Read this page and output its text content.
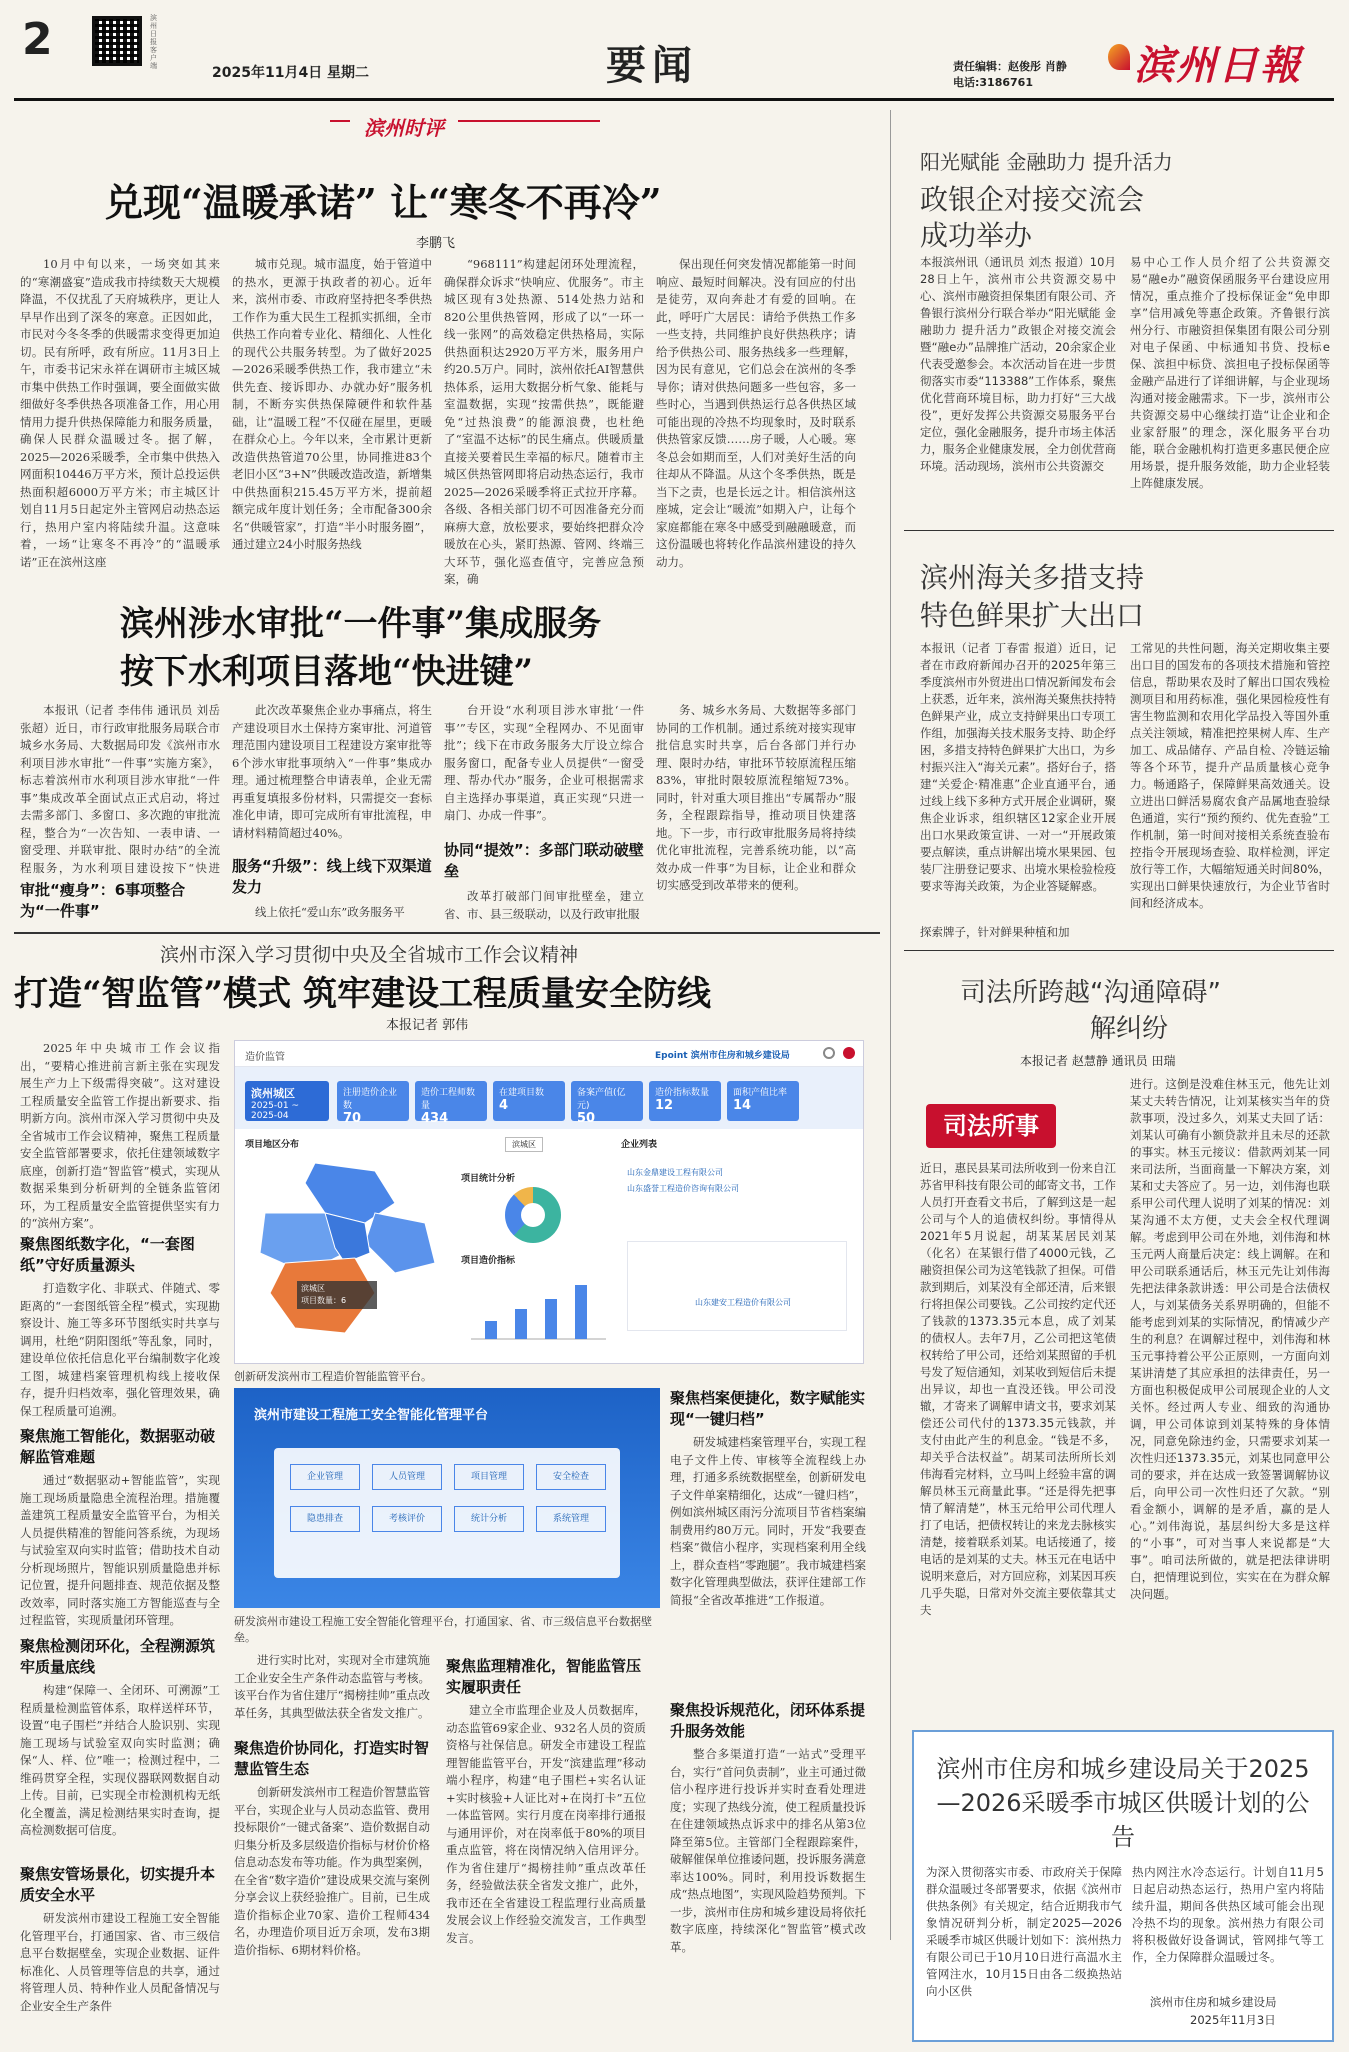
2	滨州日报客户端	2025年11月4日 星期二	要闻	责任编辑：赵俊彤 肖静
电话:3186761	滨州日報
滨州时评
兑现“温暖承诺” 让“寒冬不再冷”
李鹏飞
10月中旬以来，一场突如其来的“寒潮盛宴”造成我市持续数天大规模降温，不仅扰乱了天府城秩序，更让人早早作出到了深冬的寒意。正因如此，市民对今冬冬季的供暖需求变得更加迫切。民有所呼，政有所应。11月3日上午，市委书记宋永祥在调研市主城区城市集中供热工作时强调，要全面做实做细做好冬季供热各项准备工作，用心用情用力提升供热保障能力和服务质量，确保人民群众温暖过冬。据了解，2025—2026采暖季，全市集中供热入网面积10446万平方米，预计总投运供热面积超6000万平方米；市主城区计划自11月5日起定外主管网启动热态运行，热用户室内将陆续升温。这意味着，一场“让寒冬不再冷”的“温暖承诺”正在滨州这座
城市兑现。城市温度，始于管道中的热水，更源于执政者的初心。近年来，滨州市委、市政府坚持把冬季供热工作作为重大民生工程抓实抓细，全市供热工作向着专业化、精细化、人性化的现代公共服务转型。为了做好2025—2026采暖季供热工作，我市建立“未供先查、接诉即办、办就办好”服务机制，不断夯实供热保障硬件和软件基础，让“温暖工程”不仅碰在屋里，更暖在群众心上。今年以来，全市累计更新改造供热管道70公里，协同推进83个老旧小区“3+N”供暖改造改造，新增集中供热面积215.45万平方米，提前超额完成年度计划任务；全市配备300余名“供暖管家”，打造“半小时服务圈”，通过建立24小时服务热线
“968111”构建起闭环处理流程，确保群众诉求“快响应、优服务”。市主城区现有3处热源、514处热力站和820公里供热管网，形成了以“一环一线一张网”的高效稳定供热格局，实际供热面积达2920万平方米，服务用户约20.5万户。同时，滨州依托AI智慧供热体系，运用大数据分析气象、能耗与室温数据，实现“按需供热”，既能避免“过热浪费”的能源浪费，也杜绝了“室温不达标”的民生痛点。供暖质量直接关要着民生幸福的标尺。随着市主城区供热管网即将启动热态运行，我市2025—2026采暖季将正式拉开序幕。各级、各相关部门切不可因准备充分而麻痹大意，放松要求，要始终把群众冷暖放在心头，紧盯热源、管网、终端三大环节，强化巡查值守，完善应急预案，确
保出现任何突发情况都能第一时间响应、最短时间解决。没有回应的付出是徒劳，双向奔赴才有爱的回响。在此，呼吁广大居民：请给予供热工作多一些支持，共同维护良好供热秩序；请给予供热公司、服务热线多一些理解，因为民有意见，它们总会在滨州的冬季导你；请对供热问题多一些包容，多一些时心，当遇到供热运行总各供热区域可能出现的冷热不均现象时，及时联系供热管家反馈……房子暖，人心暖。寒冬总会如期而至，人们对美好生活的向往却从不降温。从这个冬季供热，既是当下之责，也是长远之计。相信滨州这座城，定会让“暖流”如期入户，让每个家庭都能在寒冬中感受到融融暖意，而这份温暖也将转化作品滨州建设的持久动力。
滨州涉水审批“一件事”集成服务
按下水利项目落地“快进键”
本报讯（记者 李伟伟 通讯员 刘岳 张超）近日，市行政审批服务局联合市城乡水务局、大数据局印发《滨州市水利项目涉水审批“一件事”实施方案》，标志着滨州市水利项目涉水审批“一件事”集成改革全面试点正式启动，将过去需多部门、多窗口、多次跑的审批流程，整合为“一次告知、一表申请、一窗受理、并联审批、限时办结”的全流程服务，为水利项目建设按下“快进
审批“瘦身”：6事项整合为“一件事”
此次改革聚焦企业办事痛点，将生产建设项目水土保持方案审批、河道管理范围内建设项目工程建设方案审批等6个涉水审批事项纳入“一件事”集成办理。通过梳理整合申请表单，企业无需再重复填报多份材料，只需提交一套标准化申请，即可完成所有审批流程，申请材料精简超过40%。
服务“升级”：线上线下双渠道发力
线上依托“爱山东”政务服务平
台开设“水利项目涉水审批‘一件事’”专区，实现“全程网办、不见面审批”；线下在市政务服务大厅设立综合服务窗口，配备专业人员提供“一窗受理、帮办代办”服务，企业可根据需求自主选择办事渠道，真正实现“只进一扇门、办成一件事”。
协同“提效”：多部门联动破壁垒
改革打破部门间审批壁垒，建立省、市、县三级联动，以及行政审批服
务、城乡水务局、大数据等多部门协同的工作机制。通过系统对接实现审批信息实时共享，后台各部门并行办理、限时办结，审批环节较原流程压缩83%，审批时限较原流程缩短73%。同时，针对重大项目推出“专属帮办”服务，全程跟踪指导，推动项目快建落地。下一步，市行政审批服务局将持续优化审批流程，完善系统功能，以“高效办成一件事”为目标，让企业和群众切实感受到改革带来的便利。
滨州市深入学习贯彻中央及全省城市工作会议精神
打造“智监管”模式 筑牢建设工程质量安全防线
本报记者 郭伟
2025年中央城市工作会议指出，“要精心推进前言新主张在实现发展生产力上下级需得突破”。这对建设工程质量安全监管工作提出新要求、指明新方向。滨州市深入学习贯彻中央及全省城市工作会议精神，聚焦工程质量安全监管部署要求，依托住建领域数字底座，创新打造“智监管”模式，实现从数据采集到分析研判的全链条监管闭环，为工程质量安全监管提供坚实有力的“滨州方案”。
聚焦图纸数字化，“一套图纸”守好质量源头
打造数字化、非联式、伴随式、零距离的“一套图纸管全程”模式，实现勘察设计、施工等多环节图纸实时共享与调用，杜绝“阴阳图纸”等乱象，同时，建设单位依托信息化平台编制数字化竣工图，城建档案管理机构线上接收保存，提升归档效率，强化管理效果，确保工程质量可追溯。
聚焦施工智能化，数据驱动破解监管难题
通过“数据驱动+智能监管”，实现施工现场质量隐患全流程治理。措施覆盖建筑工程质量安全监管平台，为相关人员提供精准的智能问答系统，为现场与试验室双向实时监管；借助技术自动分析现场照片，智能识别质量隐患并标记位置，提升问题排查、规范依据及整改效率，同时落实施工方智能巡查与全过程监管，实现质量闭环管理。
聚焦检测闭环化，全程溯源筑牢质量底线
构建“保障一、全闭环、可溯源”工程质量检测监管体系，取样送样环节，设置“电子围栏”并结合人脸识别、实现施工现场与试验室双向实时监测；确保“人、样、位”唯一；检测过程中，二维码贯穿全程，实现仪器联网数据自动上传。目前，已实现全市检测机构无纸化全覆盖，满足检测结果实时查询，提高检测数据可信度。
聚焦安管场景化，切实提升本质安全水平
研发滨州市建设工程施工安全智能化管理平台，打通国家、省、市三级信息平台数据壁垒，实现企业数据、证件标准化、人员管理等信息的共享，通过将管理人员、特种作业人员配备情况与企业安全生产条件
造价监管	Epoint 滨州市住房和城乡建设局
滨州城区
2025-01 ~ 2025-04
注册造价企业数
70
造价工程师数量
434
在建项目数
4
备案产值(亿元)
50
造价指标数量
12
面积产值比率
14
项目地区分布	滨城区
滨城区
项目数量：6
项目统计分析
项目造价指标
企业列表
山东金鼎建设工程有限公司
山东盛誉工程造价咨询有限公司
山东建安工程造价有限公司
创新研发滨州市工程造价智能监管平台。
滨州市建设工程施工安全智能化管理平台
企业管理	人员管理	项目管理	安全检查
隐患排查	考核评价	统计分析	系统管理
研发滨州市建设工程施工安全智能化管理平台，打通国家、省、市三级信息平台数据壁垒。
进行实时比对，实现对全市建筑施工企业安全生产条件动态监管与考核。该平台作为省住建厅“揭榜挂帅”重点改革任务，其典型做法获全省发文推广。
聚焦造价协同化，打造实时智慧监管生态
创新研发滨州市工程造价智慧监管平台，实现企业与人员动态监管、费用投标限价“一键式备案”、造价数据自动归集分析及多层级造价指标与材价价格信息动态发布等功能。作为典型案例，在全省“数字造价”建设成果交流与案例分享会议上获经验推广。目前，已生成造价指标企业70家、造价工程师434名，办理造价项目近万余项，发布3期造价指标、6期材料价格。
聚焦监理精准化，智能监管压实履职责任
建立全市监理企业及人员数据库，动态监管69家企业、932名人员的资质资格与社保信息。研发全市建设工程监理智能监管平台，开发“滨建监理”移动端小程序，构建“电子围栏+实名认证+实时核验+人证比对+在岗打卡”五位一体监管网。实行月度在岗率排行通报与通用评价，对在岗率低于80%的项目重点监管，将在岗情况纳入信用评分。作为省住建厅“揭榜挂帅”重点改革任务，经验做法获全省发文推广，此外，我市还在全省建设工程监理行业高质量发展会议上作经验交流发言，工作典型发言。
聚焦档案便捷化，数字赋能实现“一键归档”
研发城建档案管理平台，实现工程电子文件上传、审核等全流程线上办理，打通多系统数据壁垒，创新研发电子文件单案精细化，达成“一键归档”，例如滨州城区雨污分流项目节省档案编制费用约80万元。同时，开发“我要查档案”微信小程序，实现档案利用全线上，群众查档“零跑腿”。我市城建档案数字化管理典型做法，获评住建部工作简报“全省改革推进“工作报道。
聚焦投诉规范化，闭环体系提升服务效能
整合多渠道打造“一站式”受理平台，实行“首问负责制”，业主可通过微信小程序进行投诉并实时查看处理进度；实现了热线分流，使工程质量投诉在住建领域热点诉求中的排名从第3位降至第5位。主管部门全程跟踪案件，破解催保单位推诿问题，投诉服务满意率达100%。同时，利用投诉数据生成“热点地图”，实现风险趋势预判。下一步，滨州市住房和城乡建设局将依托数字底座，持续深化“智监管”模式改革。
阳光赋能 金融助力 提升活力
政银企对接交流会
成功举办
本报滨州讯（通讯员 刘杰 报道）10月28日上午，滨州市公共资源交易中心、滨州市融资担保集团有限公司、齐鲁银行滨州分行联合举办“阳光赋能 金融助力 提升活力”政银企对接交流会暨“融e办”品牌推广活动，20余家企业代表受邀参会。本次活动旨在进一步贯彻落实市委“113388”工作体系，聚焦优化营商环境目标，助力打好“三大战役”，更好发挥公共资源交易服务平台定位，强化金融服务，提升市场主体活力，服务企业健康发展，全力创优营商环境。活动现场，滨州市公共资源交
易中心工作人员介绍了公共资源交易“融e办”融资保函服务平台建设应用情况，重点推介了投标保证金“免申即享”信用减免等惠企政策。齐鲁银行滨州分行、市融资担保集团有限公司分别对电子保函、中标通知书贷、投标e保、滨担中标贷、滨担电子投标保函等金融产品进行了详细讲解，与企业现场沟通对接金融需求。下一步，滨州市公共资源交易中心继续打造“让企业和企业家舒服”的理念，深化服务平台功能，联合金融机构打造更多惠民便企应用场景，提升服务效能，助力企业轻装上阵健康发展。
滨州海关多措支持
特色鲜果扩大出口
本报讯（记者 丁春雷 报道）近日，记者在市政府新闻办召开的2025年第三季度滨州市外贸进出口情况新闻发布会上获悉，近年来，滨州海关聚焦扶持特色鲜果产业，成立支持鲜果出口专项工作组，加强海关技术服务支持、助企纾困，多措支持特色鲜果扩大出口，为乡村振兴注入“海关元素”。搭好台子，搭建“关爱企·精准惠”企业直通平台，通过线上线下多种方式开展企业调研，聚焦企业诉求，组织辖区12家企业开展出口水果政策宣讲、一对一“开展政策要点解读，重点讲解出境水果果园、包装厂注册登记要求、出境水果检验检疫要求等海关政策，为企业答疑解惑。
探索牌子，针对鲜果种植和加
工常见的共性问题，海关定期收集主要出口目的国发布的各项技术措施和管控信息，帮助果农及时了解出口国农残检测项目和用药标准，强化果园检疫性有害生物监测和农用化学品投入等国外重点关注领域，精准把控果树人库、生产加工、成品储存、产品自检、冷链运输等各个环节，提升产品质量核心竞争力。畅通路子，保障鲜果高效通关。设立进出口鲜活易腐农食产品属地查验绿色通道，实行“预约预约、优先查验”工作机制，第一时间对接相关系统查验布控指令开展现场查验、取样检测，评定放行等工作，大幅缩短通关时间80%，实现出口鲜果快速放行，为企业节省时间和经济成本。
司法所跨越“沟通障碍”
解纠纷
本报记者 赵慧静 通讯员 田瑞
司法所事
近日，惠民县某司法所收到一份来自江苏省甲科技有限公司的邮寄文书，工作人员打开查看文书后，了解到这是一起公司与个人的追债权纠纷。事情得从2021年5月说起，胡某某居民刘某（化名）在某银行借了4000元钱，乙融资担保公司为这笔钱款了担保。可借款到期后，刘某没有全部还清，后来银行将担保公司要钱。乙公司按约定代还了钱款的1373.35元本息，成了刘某的债权人。去年7月，乙公司把这笔债权转给了甲公司，还给刘某照留的手机号发了短信通知，刘某收到短信后未提出异议，却也一直没还钱。甲公司没辙，才寄来了调解申请文书，要求刘某偿还公司代付的1373.35元钱款，并支付由此产生的利息金。“钱是不多，却关乎合法权益”。胡某司法所所长刘伟海看完材料，立马叫上经验丰富的调解员林玉元商量此事。“还是得先把事情了解清楚”，林玉元给甲公司代理人打了电话，把债权转让的来龙去脉核实清楚，接着联系刘某。电话接通了，接电话的是刘某的丈夫。林玉元在电话中说明来意后，对方回应称，刘某因耳疾几乎失聪，日常对外交流主要依靠其丈夫
进行。这倒是没难住林玉元，他先让刘某丈夫转告情况，让刘某核实当年的贷款事项，没过多久，刘某丈夫回了话：刘某认可确有小额贷款并且未尽的还款的事实。林玉元接议：借款两刘某一同来司法所，当面商量一下解决方案，刘某和丈夫答应了。另一边，刘伟海也联系甲公司代理人说明了刘某的情况：刘某沟通不太方便，丈夫会全权代理调解。考虑到甲公司在外地，刘伟海和林玉元两人商量后决定：线上调解。在和甲公司联系通话后，林玉元先让刘伟海先把法律条款讲透：甲公司是合法债权人，与刘某债务关系界明确的，但能不能考虑到刘某的实际情况，酌情减少产生的利息？在调解过程中，刘伟海和林玉元事持着公平公正原则，一方面向刘某讲清楚了其应承担的法律责任，另一方面也积极促成甲公司展现企业的人文关怀。经过两人专业、细致的沟通协调，甲公司体谅到刘某特殊的身体情况，同意免除违约金，只需要求刘某一次性归还1373.35元，刘某也同意甲公司的要求，并在达成一致签署调解协议后，向甲公司一次性归还了欠款。“别看金额小，调解的是矛盾，赢的是人心。”刘伟海说，基层纠纷大多是这样的“小事”，可对当事人来说都是“大事”。咱司法所做的，就是把法律讲明白，把情理说到位，实实在在为群众解决问题。
滨州市住房和城乡建设局关于2025—2026采暖季市城区供暖计划的公告
为深入贯彻落实市委、市政府关于保障群众温暖过冬部署要求，依据《滨州市供热条例》有关规定，结合近期我市气象情况研判分析，制定2025—2026采暖季市城区供暖计划如下：滨州热力有限公司已于10月10日进行高温水主管网注水，10月15日由各二级换热站向小区供
热内网注水冷态运行。计划自11月5日起启动热态运行，热用户室内将陆续升温，期间各供热区域可能会出现冷热不均的现象。滨州热力有限公司将积极做好设备调试，管网排气等工作，全力保障群众温暖过冬。
滨州市住房和城乡建设局
2025年11月3日
